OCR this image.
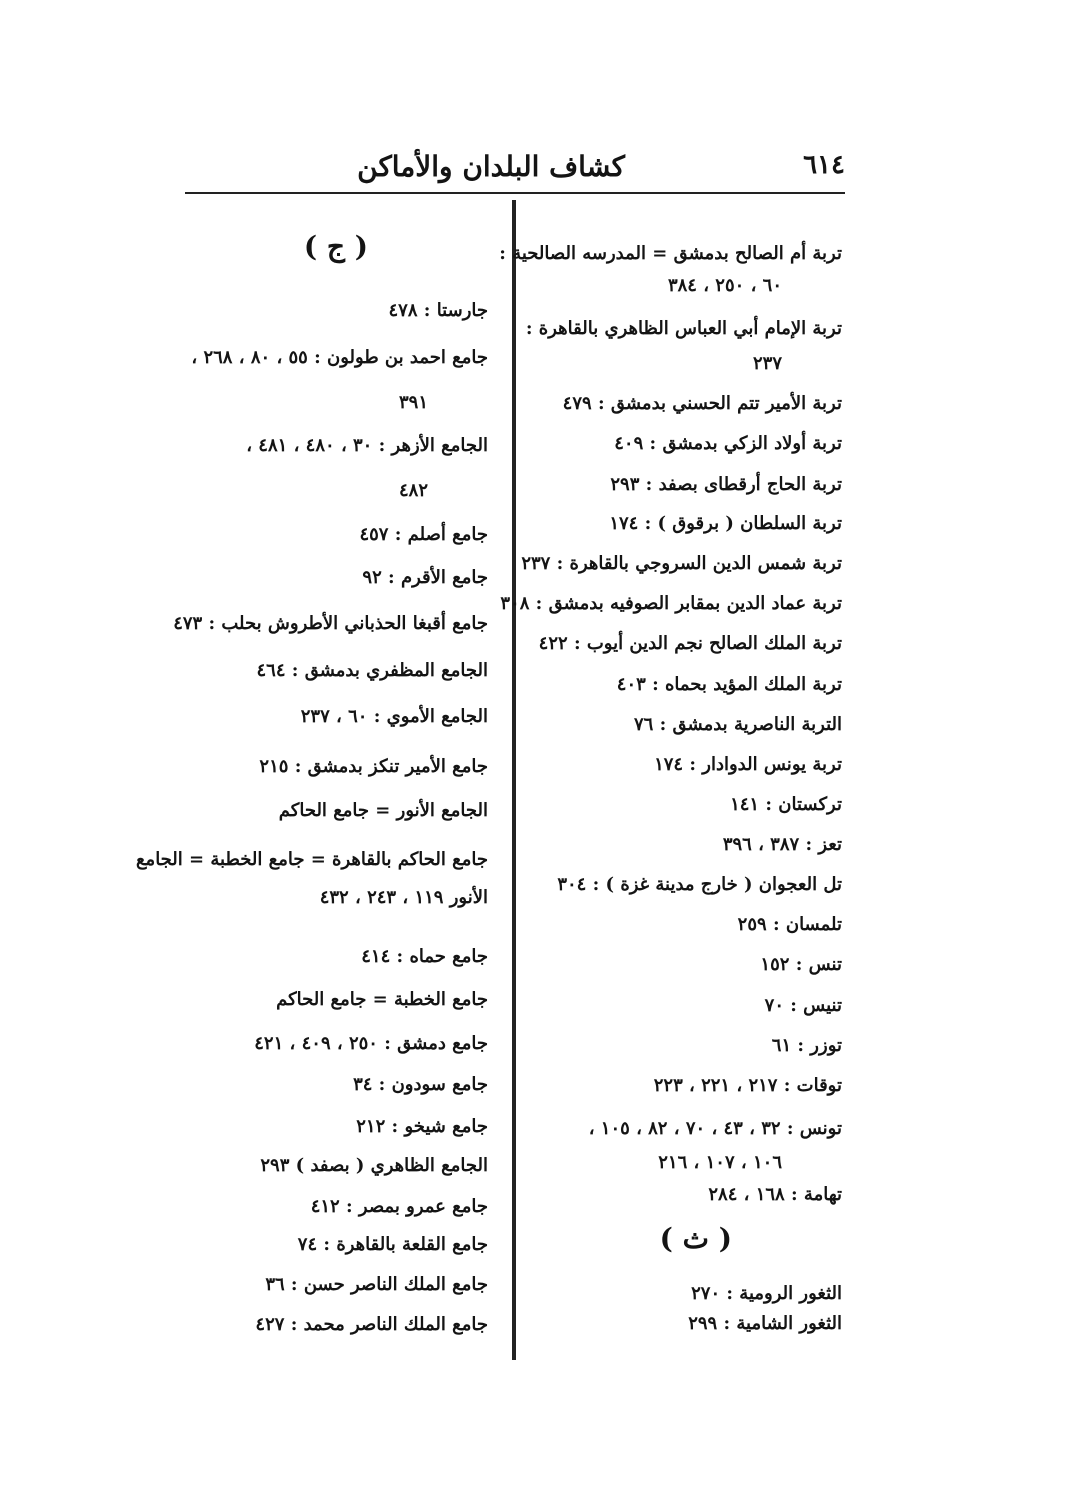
٦١٤
كشاف البلدان والأماكن
تربة أم الصالح بدمشق = المدرسه الصالحية :
٦٠ ، ٢٥٠ ، ٣٨٤
تربة الإمام أبي العباس الظاهري بالقاهرة :
٢٣٧
تربة الأمير تتم الحسني بدمشق : ٤٧٩
تربة أولاد الزكي بدمشق : ٤٠٩
تربة الحاج أرقطاى بصفد : ٢٩٣
تربة السلطان ( برقوق ) : ١٧٤
تربة شمس الدين السروجي بالقاهرة : ٢٣٧
تربة عماد الدين بمقابر الصوفيه بدمشق : ٣٠٨
تربة الملك الصالح نجم الدين أيوب : ٤٢٢
تربة الملك المؤيد بحماه : ٤٠٣
التربة الناصرية بدمشق : ٧٦
تربة يونس الدوادار : ١٧٤
تركستان : ١٤١
تعز : ٣٨٧ ، ٣٩٦
تل العجوان ( خارج مدينة غزة ) : ٣٠٤
تلمسان : ٢٥٩
تنس : ١٥٢
تنيس : ٧٠
توزر : ٦١
توقات : ٢١٧ ، ٢٢١ ، ٢٢٣
تونس : ٣٢ ، ٤٣ ، ٧٠ ، ٨٢ ، ١٠٥ ،
١٠٦ ، ١٠٧ ، ٢١٦
تهامة : ١٦٨ ، ٢٨٤
( ث )
الثغور الرومية : ٢٧٠
الثغور الشامية : ٢٩٩
( ج )
جارستا : ٤٧٨
جامع احمد بن طولون : ٥٥ ، ٨٠ ، ٢٦٨ ،
٣٩١
الجامع الأزهر : ٣٠ ، ٤٨٠ ، ٤٨١ ،
٤٨٢
جامع أصلم : ٤٥٧
جامع الأقرم : ٩٢
جامع أقبغا الحذباني الأطروش بحلب : ٤٧٣
الجامع المظفري بدمشق : ٤٦٤
الجامع الأموي : ٦٠ ، ٢٣٧
جامع الأمير تنكز بدمشق : ٢١٥
الجامع الأنور = جامع الحاكم
جامع الحاكم بالقاهرة = جامع الخطبة = الجامع
الأنور ١١٩ ، ٢٤٣ ، ٤٣٢
جامع حماه : ٤١٤
جامع الخطبة = جامع الحاكم
جامع دمشق : ٢٥٠ ، ٤٠٩ ، ٤٢١
جامع سودون : ٣٤
جامع شيخو : ٢١٢
الجامع الظاهري ( بصفد ) ٢٩٣
جامع عمرو بمصر : ٤١٢
جامع القلعة بالقاهرة : ٧٤
جامع الملك الناصر حسن : ٣٦
جامع الملك الناصر محمد : ٤٢٧
